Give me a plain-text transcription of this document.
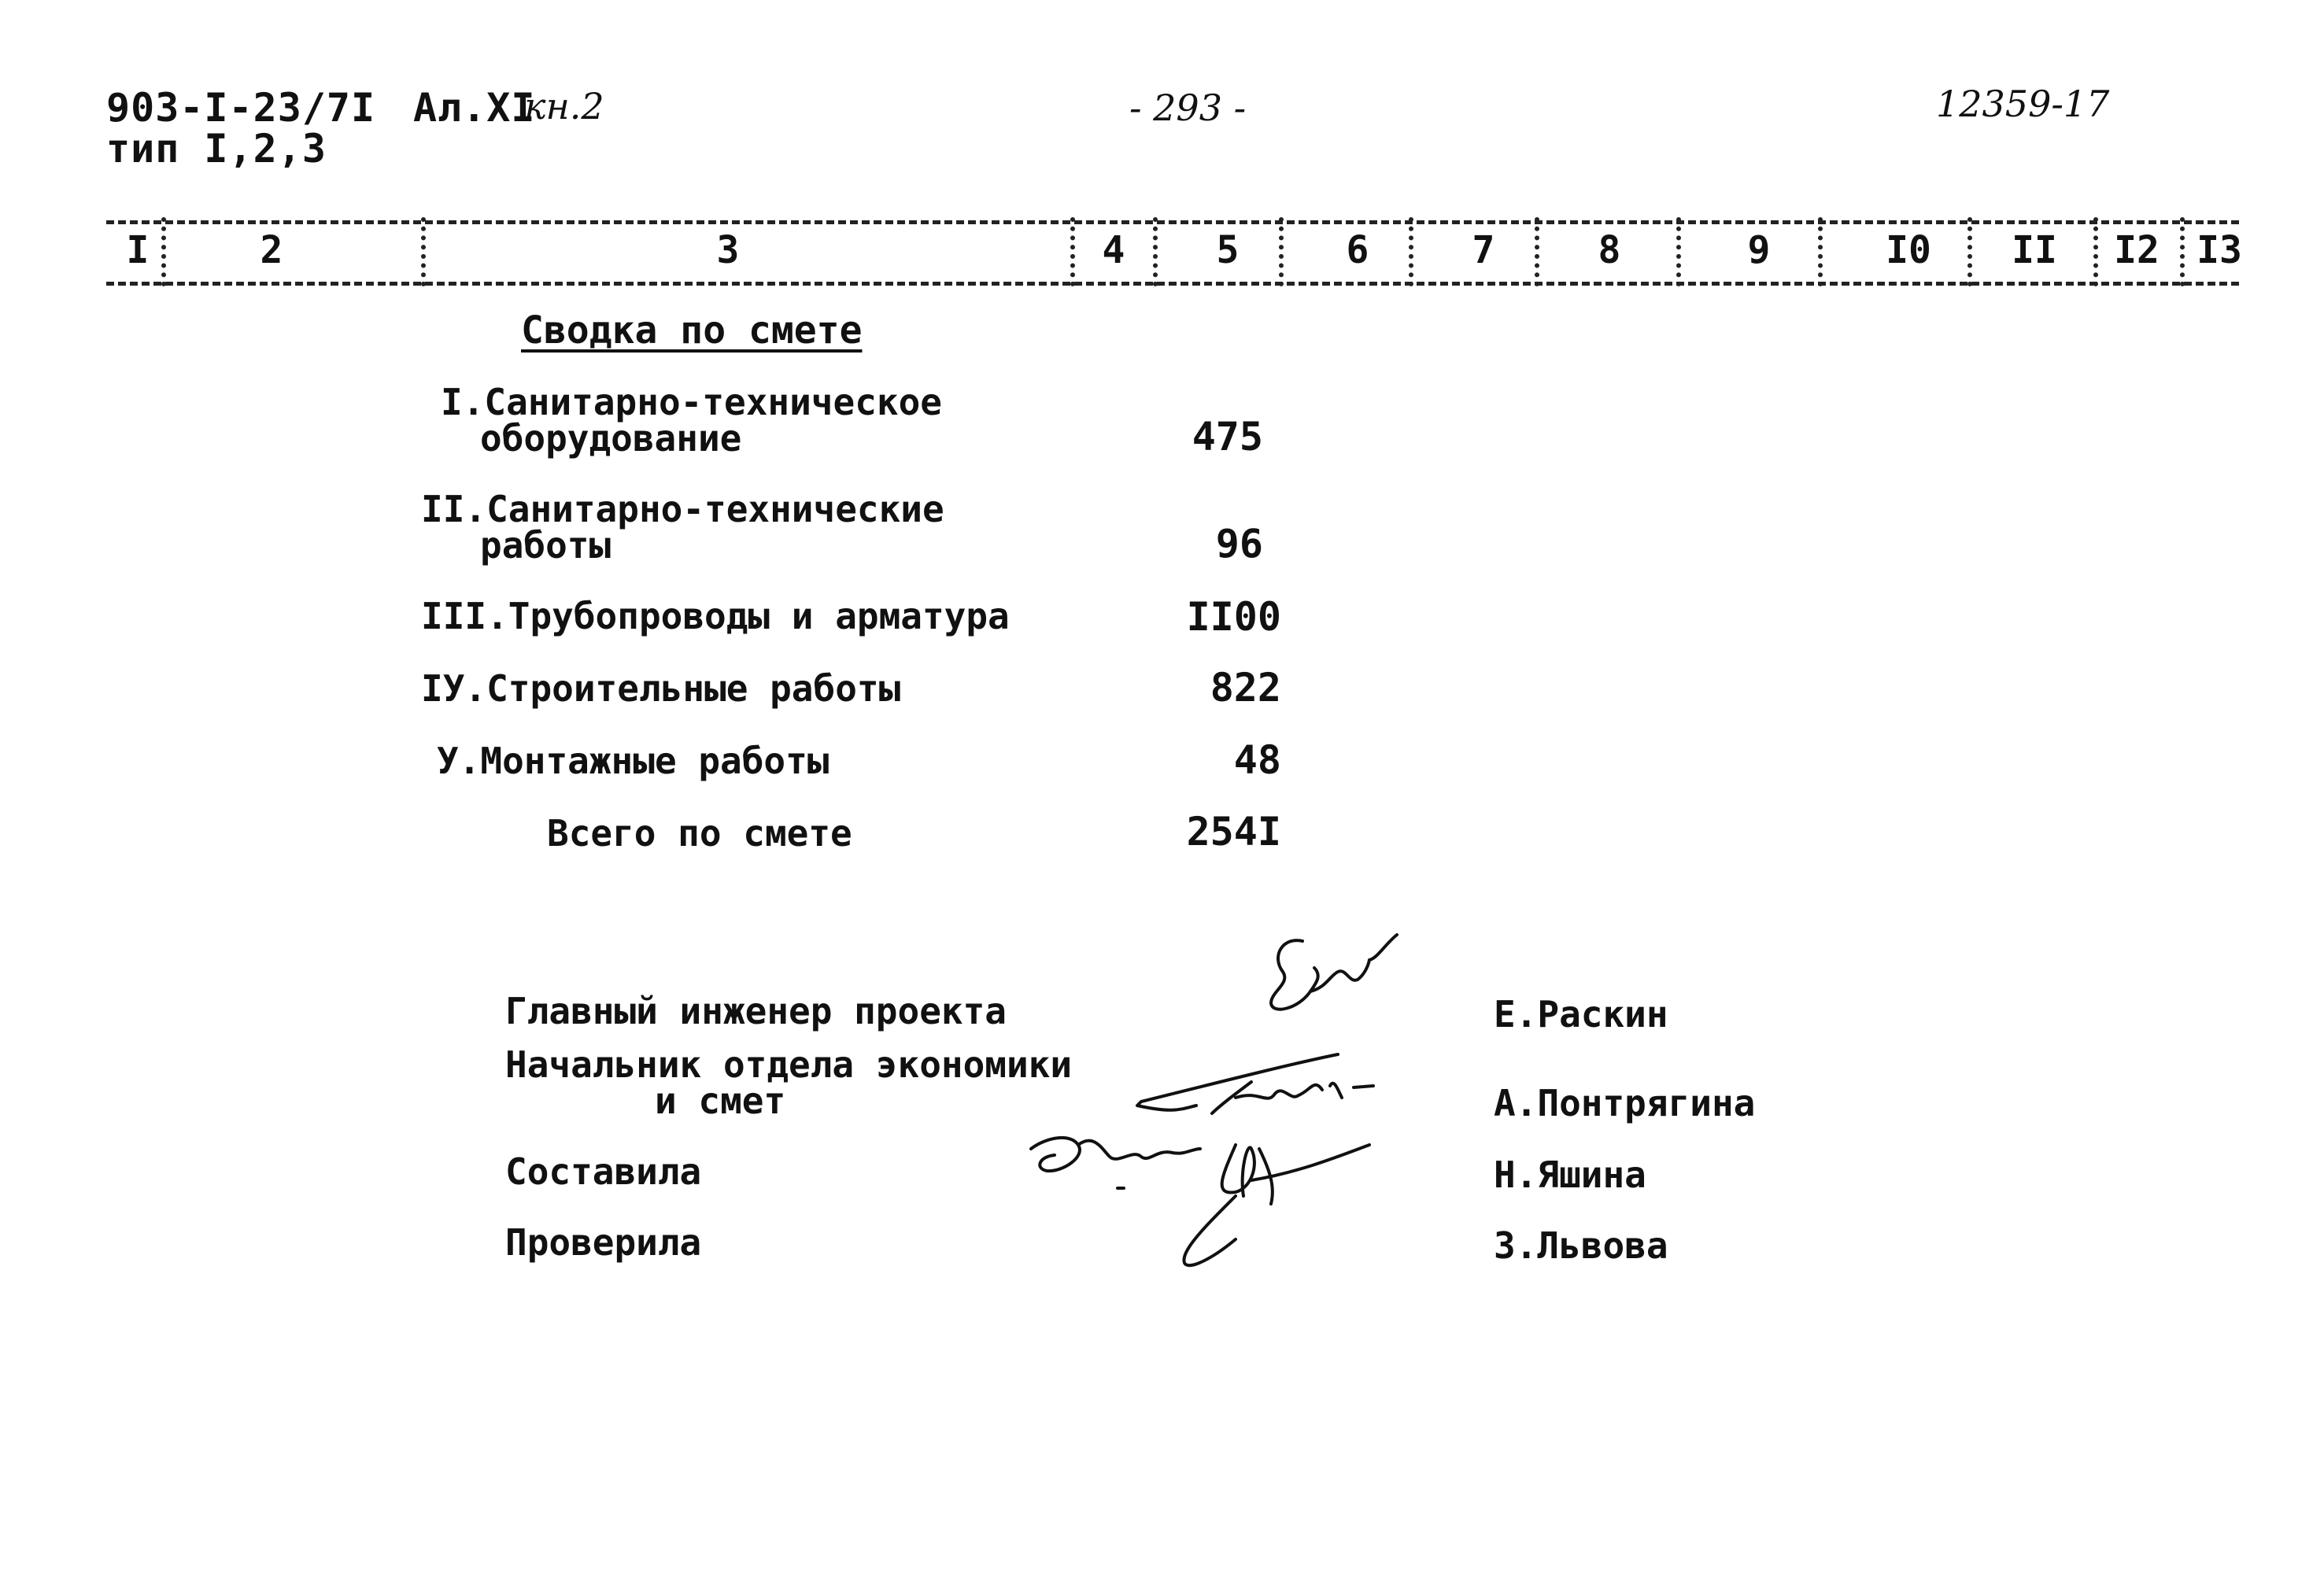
903-I-23/7I Ал.XI
кн.2
тип I,2,3
- 293 -	12359-17
I	2	3	4 5	6	7	8	9	I0 II I2 I3
Сводка по смете
I.Санитарно-техническое
оборудование	475
II.Санитарно-технические
работы	96
III.Трубопроводы и арматура	II00
IУ.Строительные работы	822
У.Монтажные работы	48
Всего по смете	254I
Главный инженер проекта	Е.Раскин
Начальник отдела экономики
и смет	А.Понтрягина
Составила	Н.Яшина
Проверила	З.Львова
